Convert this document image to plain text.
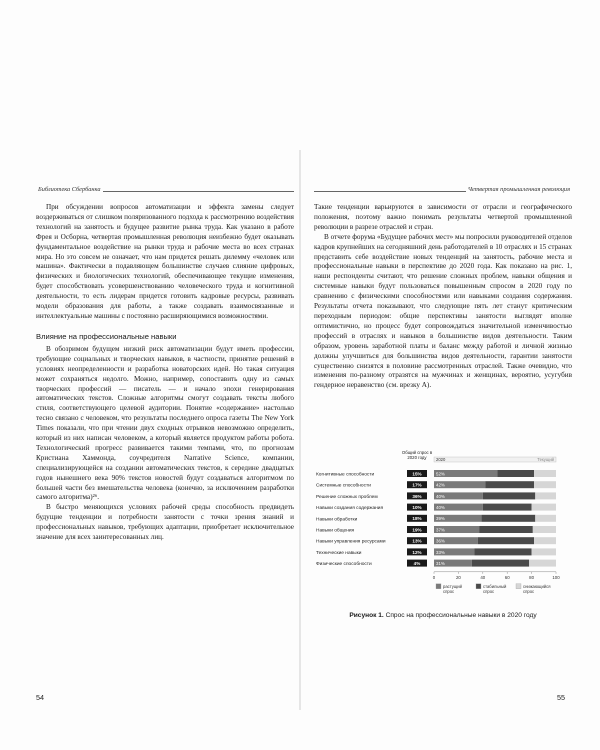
Библиотека Сбербанка

При обсуждении вопросов автоматизации и эффекта замены следует воздерживаться от слишком поляризованного подхода к рассмотрению воздействия технологий на занятость и будущее развитие рынка труда. Как указано в работе Фрея и Осборна, четвертая промышленная революция неизбежно будет оказывать фундаментальное воздействие на рынки труда и рабочие места во всех странах мира. Но это совсем не означает, что нам придется решать дилемму «человек или машина». Фактически в подавляющем большинстве случаев слияние цифровых, физических и биологических технологий, обеспечивающее текущие изменения, будет способствовать усовершенствованию человеческого труда и когнитивной деятельности, то есть лидерам придется готовить кадровые ресурсы, развивать модели образования для работы, а также создавать взаимосвязанные и интеллектуальные машины с постоянно расширяющимися возможностями.

Влияние на профессиональные навыки

В обозримом будущем низкий риск автоматизации будут иметь профессии, требующие социальных и творческих навыков, в частности, принятие решений в условиях неопределенности и разработка новаторских идей. Но такая ситуация может сохраняться недолго. Можно, например, сопоставить одну из самых творческих профессий — писатель — и начало эпохи генерирования автоматических текстов. Сложные алгоритмы смогут создавать тексты любого стиля, соответствующего целевой аудитории. Понятие «содержание» настолько тесно связано с человеком, что результаты последнего опроса газеты The New York Times показали, что при чтении двух сходных отрывков невозможно определить, который из них написан человеком, а который является продуктом работы робота. Технологический прогресс развивается такими темпами, что, по прогнозам Кристиана Хаммонда, соучредителя Narrative Science, компании, специализирующейся на создании автоматических текстов, к середине двадцатых годов нынешнего века 90% текстов новостей будут создаваться алгоритмом по большей части без вмешательства человека (конечно, за исключением разработки самого алгоритма)²⁶.

В быстро меняющихся условиях рабочей среды способность предвидеть будущие тенденции и потребности занятости с точки зрения знаний и профессиональных навыков, требующих адаптации, приобретает исключительное значение для всех заинтересованных лиц.

54
Четвертая промышленная революция

Такие тенденции варьируются в зависимости от отрасли и географического положения, поэтому важно понимать результаты четвертой промышленной революции в разрезе отраслей и стран.

В отчете форума «Будущее рабочих мест» мы попросили руководителей отделов кадров крупнейших на сегодняшний день работодателей в 10 отраслях и 15 странах представить себе воздействие новых тенденций на занятость, рабочие места и профессиональные навыки в перспективе до 2020 года. Как показано на рис. 1, наши респонденты считают, что решение сложных проблем, навыки общения и системные навыки будут пользоваться повышенным спросом в 2020 году по сравнению с физическими способностями или навыками создания содержания. Результаты отчета показывают, что следующие пять лет станут критическим переходным периодом: общие перспективы занятости выглядят вполне оптимистично, но процесс будет сопровождаться значительной изменчивостью профессий в отраслях и навыков в большинстве видов деятельности. Таким образом, уровень заработной платы и баланс между работой и личной жизнью должны улучшиться для большинства видов деятельности, гарантии занятости существенно снизятся в половине рассмотренных отраслей. Также очевидно, что изменения по-разному отразятся на мужчинах и женщинах, вероятно, усугубив гендерное неравенство (см. врезку А).

Общий спрос в 2020 году	2020	Текущий
Когнитивные способности	15%	52%
Системные способности	17%	42%
Решение сложных проблем	36%	40%
Навыки создания содержания	10%	40%
Навыки обработки	18%	39%
Навыки общения	19%	37%
Навыки управления ресурсами	13%	36%
Технические навыки	12%	33%
Физические способности	4%	31%
0	20	40	60	80	100
растущий
спрос
стабильный
спрос
снижающийся
спрос
Рисунок 1. Спрос на профессиональные навыки в 2020 году
55
